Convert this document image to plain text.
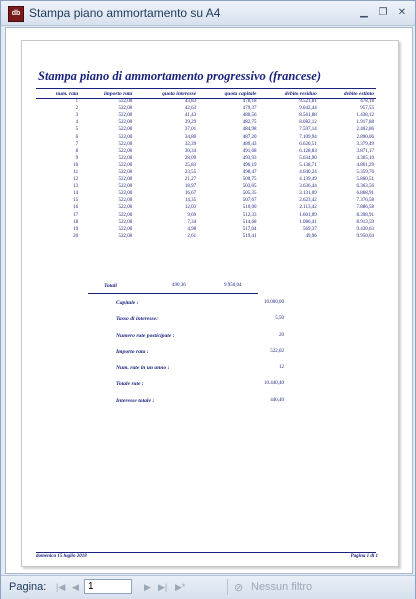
db Stampa piano ammortamento su A4	▁	❐ ✕
Stampa piano di ammortamento progressivo (francese)
num. rata	importo rata	quota interesse	quota capitale	debito residuo	debito estinto
1	522,00	43,83	478,18	9.521,81	478,18
2	522,00	42,63	479,37	9.042,44	957,55
3	522,00	41,43	480,56	8.561,88	1.438,12
4	522,00	39,29	482,75	8.082,12	1.917,88
5	522,00	37,01	484,98	7.597,14	2.402,86
6	522,00	34,80	487,20	7.109,94	2.890,06
7	522,00	32,39	489,43	6.620,51	3.379,49
8	522,00	30,34	491,68	6.128,83	3.871,17
9	522,00	28,09	493,93	5.634,90	4.365,10
10	522,00	25,83	496,19	5.138,71	4.861,29
11	522,00	23,55	498,47	4.640,24	5.359,76
12	522,00	21,27	500,75	4.139,49	5.860,51
13	522,00	18,97	503,05	3.636,44	6.363,56
14	522,00	16,67	505,35	3.131,09	6.868,91
15	522,00	14,35	507,67	2.623,42	7.376,58
16	522,00	12,03	510,00	2.113,42	7.886,58
17	522,00	9,69	512,33	1.601,09	8.398,91
18	522,00	7,34	514,68	1.086,41	8.913,59
19	522,00	4,98	517,04	569,37	9.430,63
20	522,00	2,61	519,41	49,96	9.950,04
Totali	490,36	9.950,04
Capitale :	10.000,00
Tasso di interesse:	5,50
Numero rate posticipate :	20
Importo rata :	522,02
Num. rate in un anno :	12
Totale rate :	10.440,40
Interesse totale :	440,40
domenica 15 luglio 2018	Pagina 1 di 1
Pagina: |◀ ◀
1	▶ ▶| ▶*	⊘ Nessun filtro
